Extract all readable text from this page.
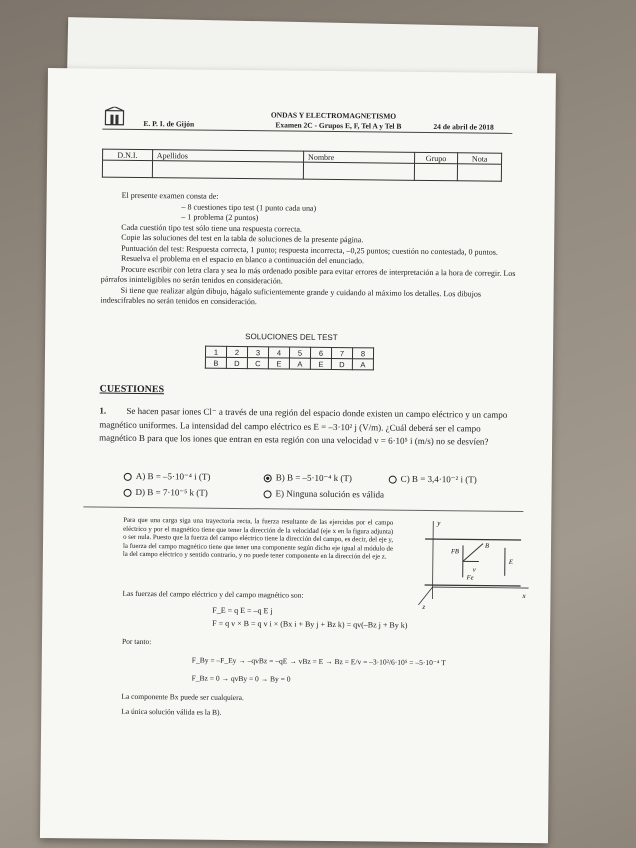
E. P. I. de Gijón
ONDAS Y ELECTROMAGNETISMO
Examen 2C - Grupos E, F, Tel A y Tel B	24 de abril de 2018
D.N.I.	Apellidos	Nombre	Grupo	Nota

El presente examen consta de:

– 8 cuestiones tipo test (1 punto cada una)

– 1 problema (2 puntos)

Cada cuestión tipo test sólo tiene una respuesta correcta.

Copie las soluciones del test en la tabla de soluciones de la presente página.

Puntuación del test: Respuesta correcta, 1 punto; respuesta incorrecta, –0,25 puntos; cuestión no contestada, 0 puntos.

Resuelva el problema en el espacio en blanco a continuación del enunciado.

Procure escribir con letra clara y sea lo más ordenado posible para evitar errores de interpretación a la hora de corregir. Los párrafos ininteligibles no serán tenidos en consideración.

Si tiene que realizar algún dibujo, hágalo suficientemente grande y cuidando al máximo los detalles. Los dibujos indescifrables no serán tenidos en consideración.

SOLUCIONES DEL TEST
1	2	3	4	5	6	7	8
B	D	C	E	A	E	D	A
CUESTIONES
1. Se hacen pasar iones Cl⁻ a través de una región del espacio donde existen un campo eléctrico y un campo magnético uniformes. La intensidad del campo eléctrico es E = –3·10² j (V/m). ¿Cuál deberá ser el campo magnético B para que los iones que entran en esta región con una velocidad v = 6·10⁵ i (m/s) no se desvíen?
A) B = –5·10⁻⁴ i (T)	B) B = –5·10⁻⁴ k (T)	C) B = 3,4·10⁻² i (T)
D) B = 7·10⁻⁵ k (T)	E) Ninguna solución es válida
Para que una carga siga una trayectoria recta, la fuerza resultante de las ejercidas por el campo eléctrico y por el magnético tiene que tener la dirección de la velocidad (eje x en la figura adjunta) o ser nula. Puesto que la fuerza del campo eléctrico tiene la dirección del campo, es decir, del eje y, la fuerza del campo magnético tiene que tener una componente según dicho eje igual al módulo de la del campo eléctrico y sentido contrario, y no puede tener componente en la dirección del eje z.
y
x
z
FB
B
Fe
v
E
Las fuerzas del campo eléctrico y del campo magnético son:
F_E = q E = –q E j
F = q v × B = q v i × (Bx i + By j + Bz k) = qv(–Bz j + By k)
Por tanto:
F_By = –F_Ey → –qvBz = –qE → vBz = E → Bz = E/v = –3·10²/6·10⁵ = –5·10⁻⁴ T
F_Bz = 0 → qvBy = 0 → By = 0
La componente Bx puede ser cualquiera.
La única solución válida es la B).
